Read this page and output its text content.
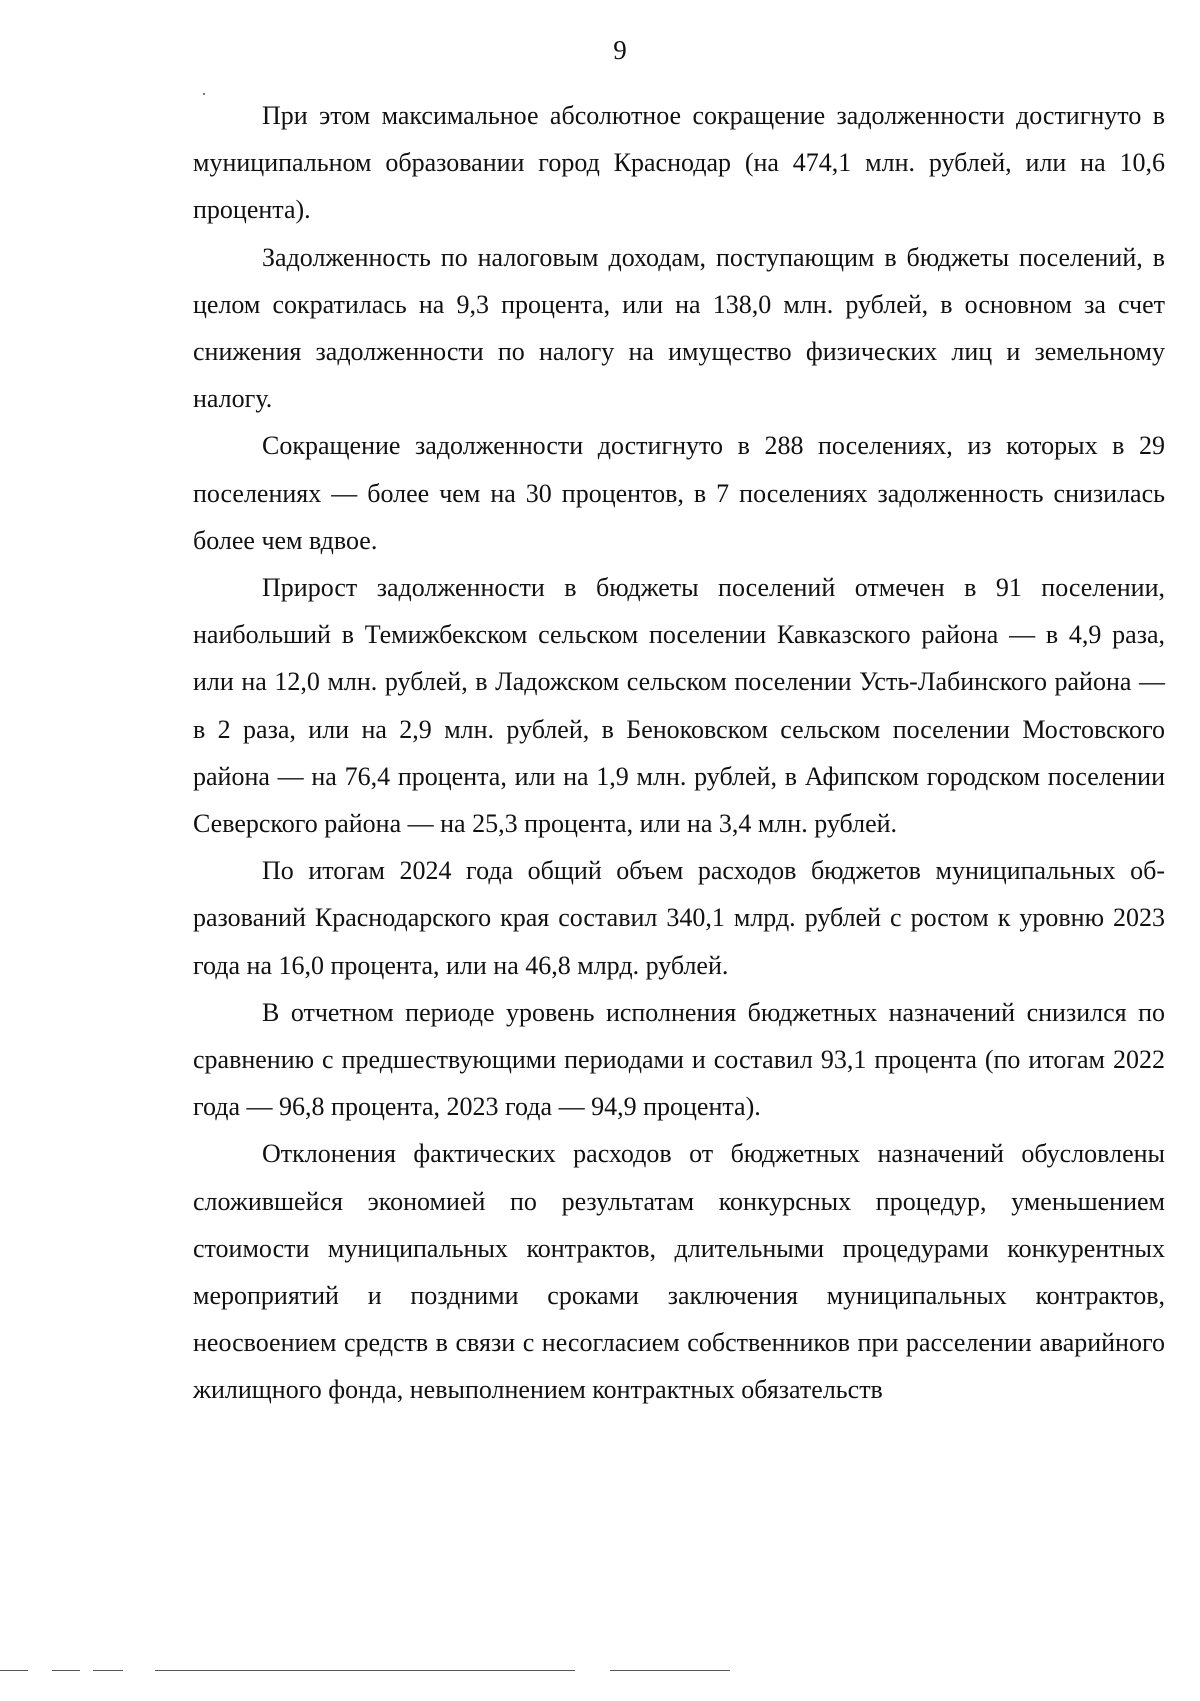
9

При этом максимальное абсолютное сокращение задолженности достигнуто в муниципальном образовании город Краснодар (на 474,1 млн. рублей, или на 10,6 процента).

Задолженность по налоговым доходам, поступающим в бюджеты поселений, в целом сократилась на 9,3 процента, или на 138,0 млн. рублей, в основном за счет снижения задолженности по налогу на имущество физических лиц и земельному налогу.

Сокращение задолженности достигнуто в 288 поселениях, из которых в 29 поселениях — более чем на 30 процентов, в 7 поселениях задолженность снизилась более чем вдвое.

Прирост задолженности в бюджеты поселений отмечен в 91 поселении, наибольший в Темижбекском сельском поселении Кавказского района — в 4,9 раза, или на 12,0 млн. рублей, в Ладожском сельском поселении Усть-Лабинского района — в 2 раза, или на 2,9 млн. рублей, в Беноковском сельском поселении Мостовского района — на 76,4 процента, или на 1,9 млн. рублей, в Афипском городском поселении Северского района — на 25,3 процента, или на 3,4 млн. рублей.

По итогам 2024 года общий объем расходов бюджетов муниципальных образований Краснодарского края составил 340,1 млрд. рублей с ростом к уровню 2023 года на 16,0 процента, или на 46,8 млрд. рублей.

В отчетном периоде уровень исполнения бюджетных назначений снизился по сравнению с предшествующими периодами и составил 93,1 процента (по итогам 2022 года — 96,8 процента, 2023 года — 94,9 процента).

Отклонения фактических расходов от бюджетных назначений обусловлены сложившейся экономией по результатам конкурсных процедур, уменьшением стоимости муниципальных контрактов, длительными процедурами конкурентных мероприятий и поздними сроками заключения муниципальных контрактов, неосвоением средств в связи с несогласием собственников при расселении аварийного жилищного фонда, невыполнением контрактных обязательств
